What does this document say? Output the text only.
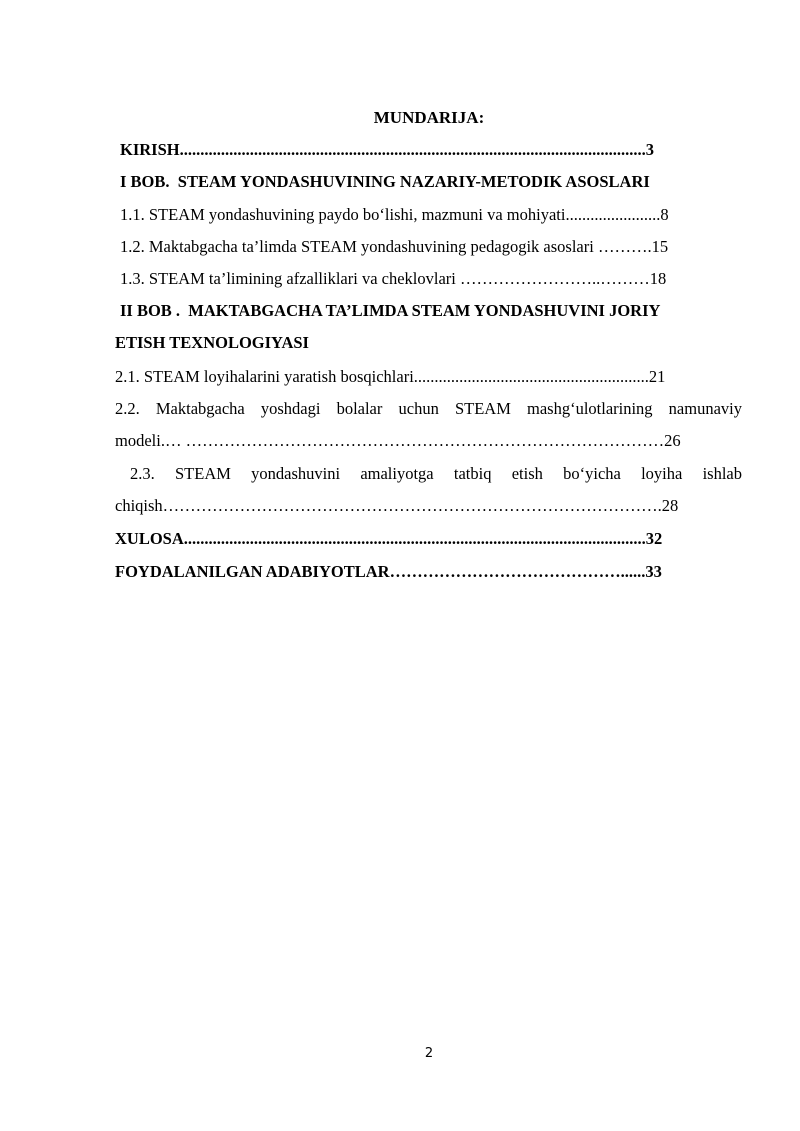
MUNDARIJA:
KIRISH.................................................................................................................3
I BOB.  STEAM YONDASHUVINING NAZARIY-METODIK ASOSLARI
1.1. STEAM yondashuvining paydo bo‘lishi, mazmuni va mohiyati.......................8
1.2. Maktabgacha ta’limda STEAM yondashuvining pedagogik asoslari ……….15
1.3. STEAM ta’limining afzalliklari va cheklovlari ……………………..………18
II BOB .  MAKTABGACHA TA’LIMDA STEAM YONDASHUVINI JORIY
ETISH TEXNOLOGIYASI
2.1. STEAM loyihalarini yaratish bosqichlari.........................................................21
2.2. Maktabgacha yoshdagi bolalar uchun STEAM mashg‘ulotlarining namunaviy
modeli.… ……………………………………………………………………………26
2.3. STEAM yondashuvini amaliyotga tatbiq etish bo‘yicha loyiha ishlab
chiqish……………………………………………………………………………….28
XULOSA................................................................................................................32
FOYDALANILGAN ADABIYOTLAR……………………………………......33
2
